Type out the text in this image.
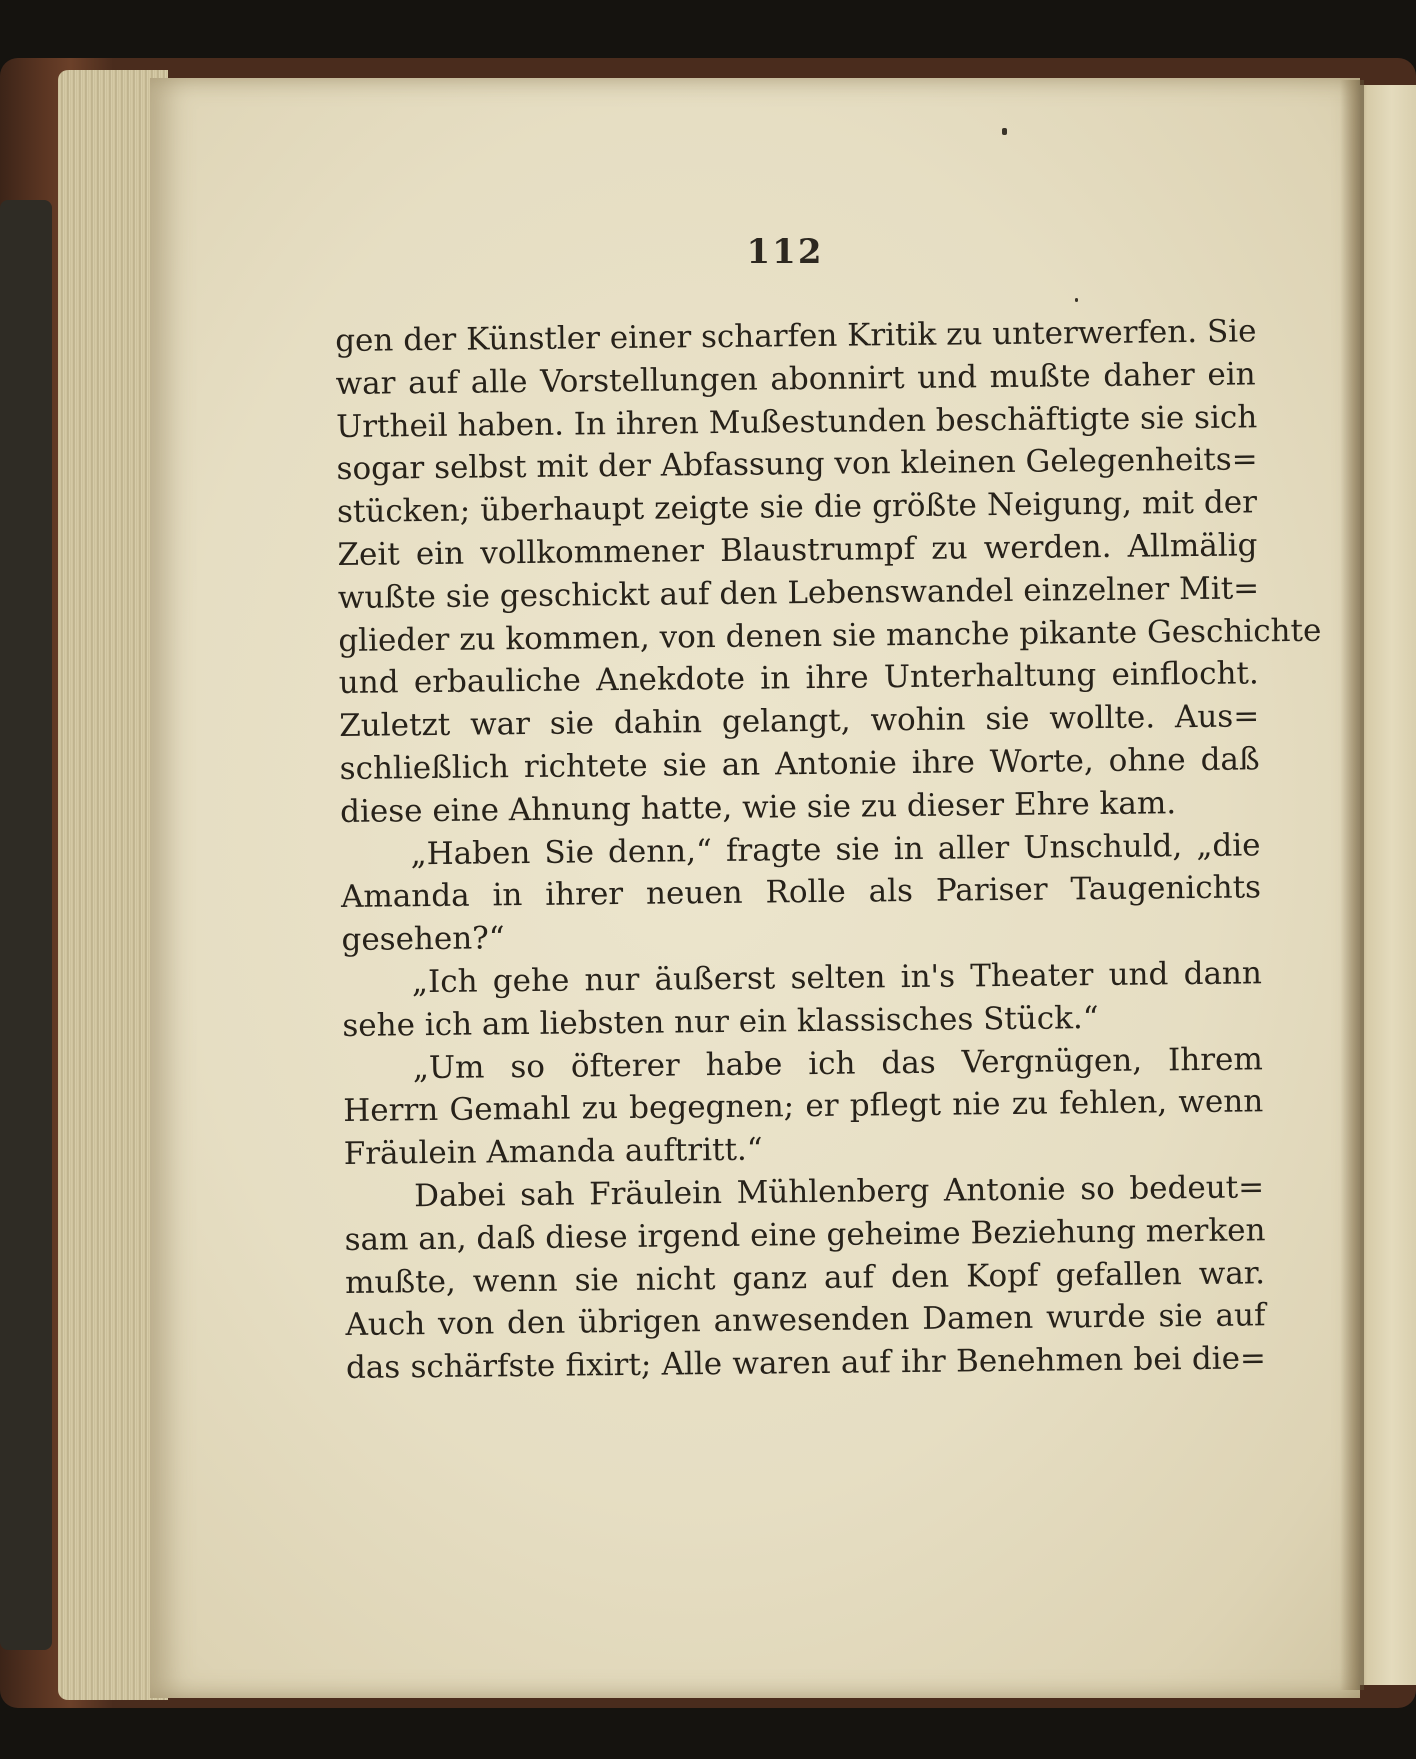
112
gen der Künstler einer scharfen Kritik zu unterwerfen. Sie
war auf alle Vorstellungen abonnirt und mußte daher ein
Urtheil haben. In ihren Mußestunden beschäftigte sie sich
sogar selbst mit der Abfassung von kleinen Gelegenheits=
stücken; überhaupt zeigte sie die größte Neigung, mit der
Zeit ein vollkommener Blaustrumpf zu werden. Allmälig
wußte sie geschickt auf den Lebenswandel einzelner Mit=
glieder zu kommen, von denen sie manche pikante Geschichte
und erbauliche Anekdote in ihre Unterhaltung einflocht.
Zuletzt war sie dahin gelangt, wohin sie wollte. Aus=
schließlich richtete sie an Antonie ihre Worte, ohne daß
diese eine Ahnung hatte, wie sie zu dieser Ehre kam.
„Haben Sie denn,“ fragte sie in aller Unschuld, „die
Amanda in ihrer neuen Rolle als Pariser Taugenichts
gesehen?“
„Ich gehe nur äußerst selten in's Theater und dann
sehe ich am liebsten nur ein klassisches Stück.“
„Um so öfterer habe ich das Vergnügen, Ihrem
Herrn Gemahl zu begegnen; er pflegt nie zu fehlen, wenn
Fräulein Amanda auftritt.“
Dabei sah Fräulein Mühlenberg Antonie so bedeut=
sam an, daß diese irgend eine geheime Beziehung merken
mußte, wenn sie nicht ganz auf den Kopf gefallen war.
Auch von den übrigen anwesenden Damen wurde sie auf
das schärfste fixirt; Alle waren auf ihr Benehmen bei die=
